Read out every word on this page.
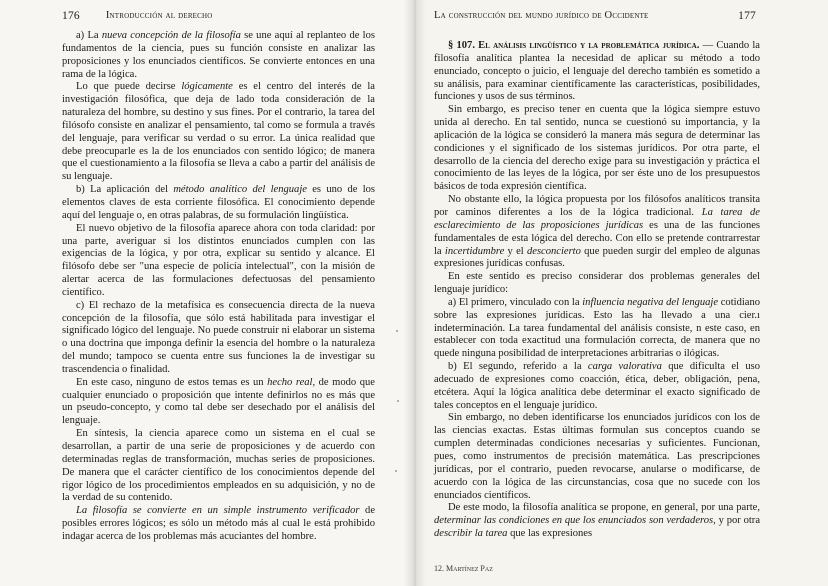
176 Introducción al derecho

a) La nueva concepción de la filosofía se une aquí al replanteo de los fundamentos de la ciencia, pues su función consiste en analizar las proposiciones y los enunciados científicos. Se convierte entonces en una rama de la lógica.

Lo que puede decirse lógicamente es el centro del interés de la investigación filosófica, que deja de lado toda consideración de la naturaleza del hombre, su destino y sus fines. Por el contrario, la tarea del filósofo consiste en analizar el pensamiento, tal como se formula a través del lenguaje, para verificar su verdad o su error. La única realidad que debe preocuparle es la de los enunciados con sentido lógico; de manera que el cuestionamiento a la filosofía se lleva a cabo a partir del análisis de su lenguaje.

b) La aplicación del método analítico del lenguaje es uno de los elementos claves de esta corriente filosófica. El conocimiento depende aquí del lenguaje o, en otras palabras, de su formulación lingüística.

El nuevo objetivo de la filosofía aparece ahora con toda claridad: por una parte, averiguar si los distintos enunciados cumplen con las exigencias de la lógica, y por otra, explicar su sentido y alcance. El filósofo debe ser "una especie de policía intelectual", con la misión de alertar acerca de las formulaciones defectuosas del pensamiento científico.

c) El rechazo de la metafísica es consecuencia directa de la nueva concepción de la filosofía, que sólo está habilitada para investigar el significado lógico del lenguaje. No puede construir ni elaborar un sistema o una doctrina que imponga definir la esencia del hombre o la naturaleza del mundo; tampoco se cuenta entre sus funciones la de investigar su trascendencia o finalidad.

En este caso, ninguno de estos temas es un hecho real, de modo que cualquier enunciado o proposición que intente definirlos no es más que un pseudo-concepto, y como tal debe ser desechado por el análisis del lenguaje.

En síntesis, la ciencia aparece como un sistema en el cual se desarrollan, a partir de una serie de proposiciones y de acuerdo con determinadas reglas de transformación, muchas series de proposiciones. De manera que el carácter científico de los conocimientos depende del rigor lógico de los procedimientos empleados en su adquisición, y no de la verdad de su contenido.

La filosofía se convierte en un simple instrumento verificador de posibles errores lógicos; es sólo un método más al cual le está prohibido indagar acerca de los problemas más acuciantes del hombre.

La construcción del mundo jurídico de Occidente	177

§ 107. El análisis lingüístico y la problemática jurídica. — Cuando la filosofía analítica plantea la necesidad de aplicar su método a todo enunciado, concepto o juicio, el lenguaje del derecho también es sometido a su análisis, para examinar científicamente las características, posibilidades, funciones y usos de sus términos.

Sin embargo, es preciso tener en cuenta que la lógica siempre estuvo unida al derecho. En tal sentido, nunca se cuestionó su importancia, y la aplicación de la lógica se consideró la manera más segura de determinar las condiciones y el significado de los sistemas jurídicos. Por otra parte, el desarrollo de la ciencia del derecho exige para su investigación y práctica el conocimiento de las leyes de la lógica, por ser éste uno de los presupuestos básicos de toda expresión científica.

No obstante ello, la lógica propuesta por los filósofos analíticos transita por caminos diferentes a los de la lógica tradicional. La tarea de esclarecimiento de las proposiciones jurídicas es una de las funciones fundamentales de esta lógica del derecho. Con ello se pretende contrarrestar la incertidumbre y el desconcierto que pueden surgir del empleo de algunas expresiones jurídicas confusas.

En este sentido es preciso considerar dos problemas generales del lenguaje jurídico:

a) El primero, vinculado con la influencia negativa del lenguaje cotidiano sobre las expresiones jurídicas. Esto las ha llevado a una cier.ı indeterminación. La tarea fundamental del análisis consiste, n este caso, en establecer con toda exactitud una formulación correcta, de manera que no quede ninguna posibilidad de interpretaciones arbitrarias o ilógicas.

b) El segundo, referido a la carga valorativa que dificulta el uso adecuado de expresiones como coacción, ética, deber, obligación, pena, etcétera. Aquí la lógica analítica debe determinar el exacto significado de tales conceptos en el lenguaje jurídico.

Sin embargo, no deben identificarse los enunciados jurídicos con los de las ciencias exactas. Estas últimas formulan sus conceptos cuando se cumplen determinadas condiciones necesarias y suficientes. Funcionan, pues, como instrumentos de precisión matemática. Las prescripciones jurídicas, por el contrario, pueden revocarse, anularse o modificarse, de acuerdo con la lógica de las circunstancias, cosa que no sucede con los enunciados científicos.

De este modo, la filosofía analítica se propone, en general, por una parte, determinar las condiciones en que los enunciados son verdaderos, y por otra describir la tarea que las expresiones

12. Martínez Paz
